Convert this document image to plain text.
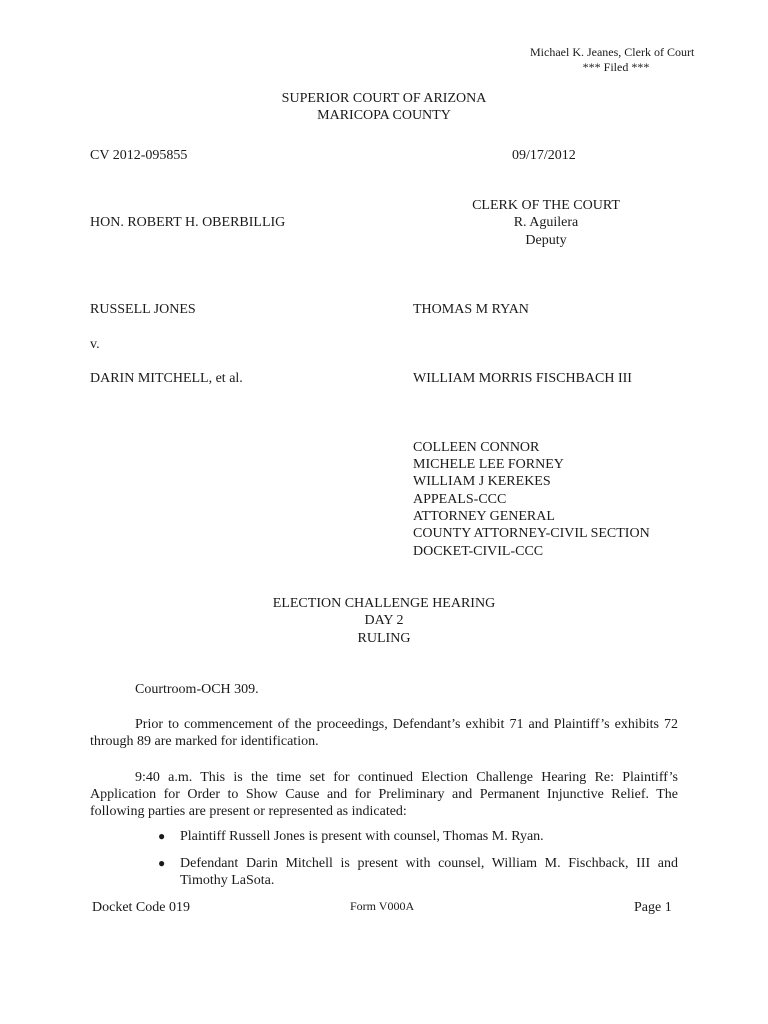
Michael K. Jeanes, Clerk of Court
*** Filed ***
SUPERIOR COURT OF ARIZONA
MARICOPA COUNTY
CV 2012-095855	09/17/2012
CLERK OF THE COURT
R. Aguilera
Deputy
HON. ROBERT H. OBERBILLIG
RUSSELL JONES	THOMAS M RYAN
v.
DARIN MITCHELL, et al.	WILLIAM MORRIS FISCHBACH III
COLLEEN CONNOR
MICHELE LEE FORNEY
WILLIAM J KEREKES
APPEALS-CCC
ATTORNEY GENERAL
COUNTY ATTORNEY-CIVIL SECTION
DOCKET-CIVIL-CCC
ELECTION CHALLENGE HEARING
DAY 2
RULING
Courtroom-OCH 309.
Prior to commencement of the proceedings, Defendant’s exhibit 71 and Plaintiff’s exhibits 72 through 89 are marked for identification.
9:40 a.m. This is the time set for continued Election Challenge Hearing Re: Plaintiff’s Application for Order to Show Cause and for Preliminary and Permanent Injunctive Relief. The following parties are present or represented as indicated:
● Plaintiff Russell Jones is present with counsel, Thomas M. Ryan.
● Defendant Darin Mitchell is present with counsel, William M. Fischback, III and Timothy LaSota.
Docket Code 019	Form V000A	Page 1
